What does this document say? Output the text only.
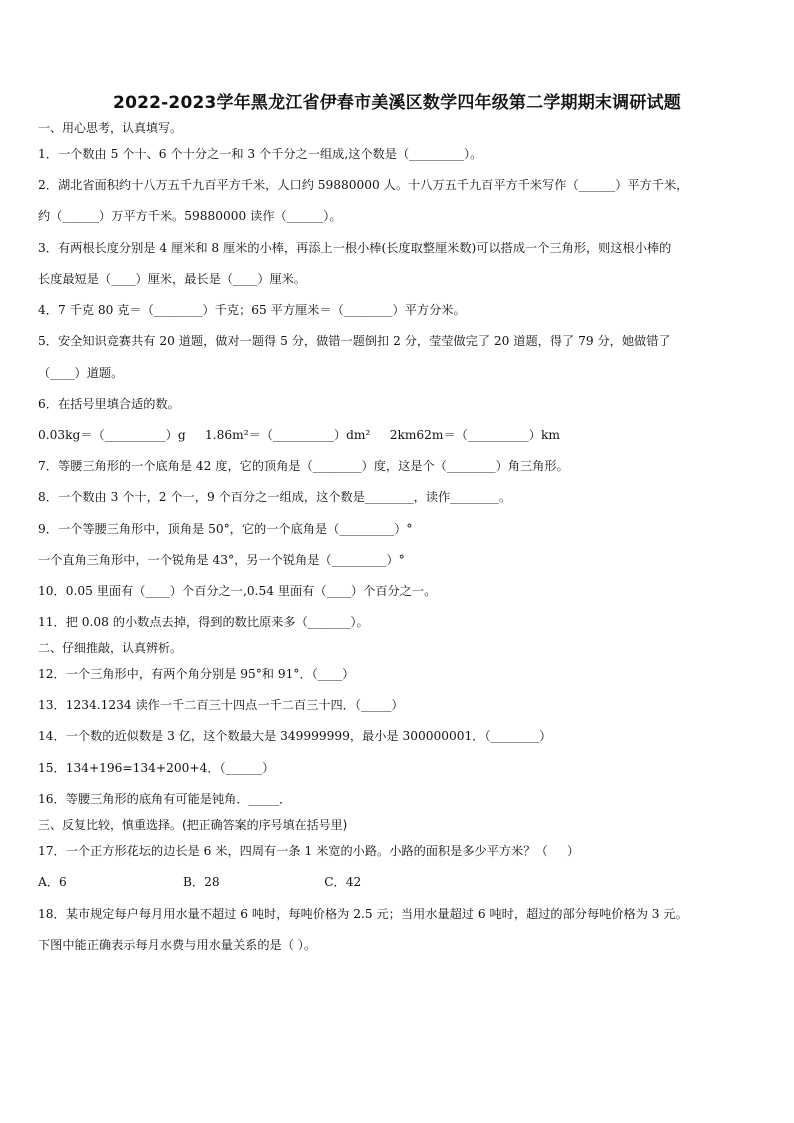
2022-2023学年黑龙江省伊春市美溪区数学四年级第二学期期末调研试题
一、用心思考，认真填写。
1．一个数由 5 个十、6 个十分之一和 3 个千分之一组成,这个数是（_________）。
2．湖北省面积约十八万五千九百平方千米，人口约 59880000 人。十八万五千九百平方千米写作（______）平方千米，
约（______）万平方千米。59880000 读作（______）。
3．有两根长度分别是 4 厘米和 8 厘米的小棒，再添上一根小棒(长度取整厘米数)可以搭成一个三角形，则这根小棒的
长度最短是（____）厘米，最长是（____）厘米。
4．7 千克 80 克＝（________）千克；65 平方厘米＝（________）平方分米。
5．安全知识竞赛共有 20 道题，做对一题得 5 分，做错一题倒扣 2 分，莹莹做完了 20 道题，得了 79 分，她做错了
（____）道题。
6．在括号里填合适的数。
0.03kg＝（__________）g     1.86m²＝（__________）dm²     2km62m＝（__________）km
7．等腰三角形的一个底角是 42 度，它的顶角是（________）度，这是个（________）角三角形。
8．一个数由 3 个十，2 个一，9 个百分之一组成，这个数是________，读作________。
9．一个等腰三角形中，顶角是 50°，它的一个底角是（_________）°
一个直角三角形中，一个锐角是 43°，另一个锐角是（_________）°
10．0.05 里面有（____）个百分之一,0.54 里面有（____）个百分之一。
11．把 0.08 的小数点去掉，得到的数比原来多（_______）。
二、仔细推敲，认真辨析。
12．一个三角形中，有两个角分别是 95°和 91°．（____）
13．1234.1234 读作一千二百三十四点一千二百三十四．（_____）
14．一个数的近似数是 3 亿，这个数最大是 349999999，最小是 300000001．（________）
15．134+196=134+200+4．（______）
16．等腰三角形的底角有可能是钝角．_____．
三、反复比较，慎重选择。(把正确答案的序号填在括号里)
17．一个正方形花坛的边长是 6 米，四周有一条 1 米宽的小路。小路的面积是多少平方米？（     ）
A．6                              B．28                           C．42
18．某市规定每户每月用水量不超过 6 吨时，每吨价格为 2.5 元；当用水量超过 6 吨时，超过的部分每吨价格为 3 元。
下图中能正确表示每月水费与用水量关系的是（ ）。
